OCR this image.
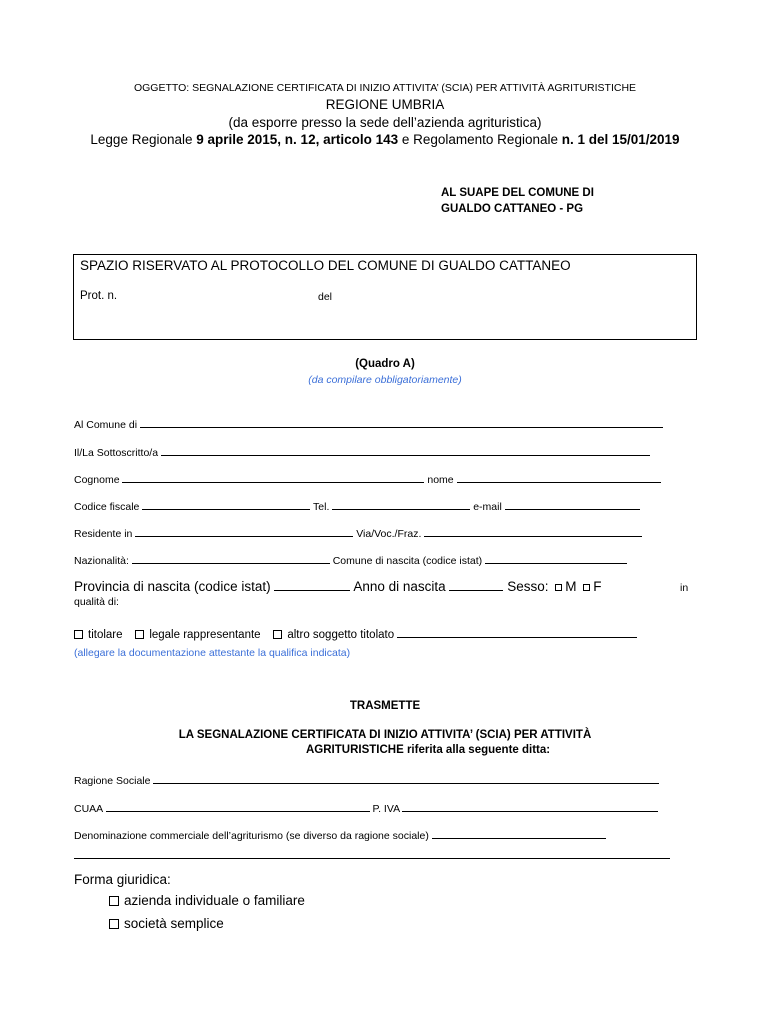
OGGETTO: SEGNALAZIONE CERTIFICATA DI INIZIO ATTIVITA’ (SCIA) PER ATTIVITÀ AGRITURISTICHE
REGIONE UMBRIA
(da esporre presso la sede dell’azienda agrituristica)
Legge Regionale 9 aprile 2015, n. 12, articolo 143 e Regolamento Regionale n. 1 del 15/01/2019
AL SUAPE DEL COMUNE DI
GUALDO CATTANEO - PG
SPAZIO RISERVATO AL PROTOCOLLO DEL COMUNE DI GUALDO CATTANEO
Prot. n.	del
(Quadro A)
(da compilare obbligatoriamente)
Al Comune di
Il/La Sottoscritto/a
Cognome	nome
Codice fiscale	Tel.	e-mail
Residente in	Via/Voc./Fraz.
Nazionalità:	Comune di nascita (codice istat)
Provincia di nascita (codice istat)	Anno di nascita	Sesso: M F	in
qualità di:
titolare legale rappresentante altro soggetto titolato
(allegare la documentazione attestante la qualifica indicata)
TRASMETTE
LA SEGNALAZIONE CERTIFICATA DI INIZIO ATTIVITA’ (SCIA) PER ATTIVITÀ
AGRITURISTICHE riferita alla seguente ditta:
Ragione Sociale
CUAA	P. IVA
Denominazione commerciale dell’agriturismo (se diverso da ragione sociale)
Forma giuridica:
azienda individuale o familiare
società semplice
